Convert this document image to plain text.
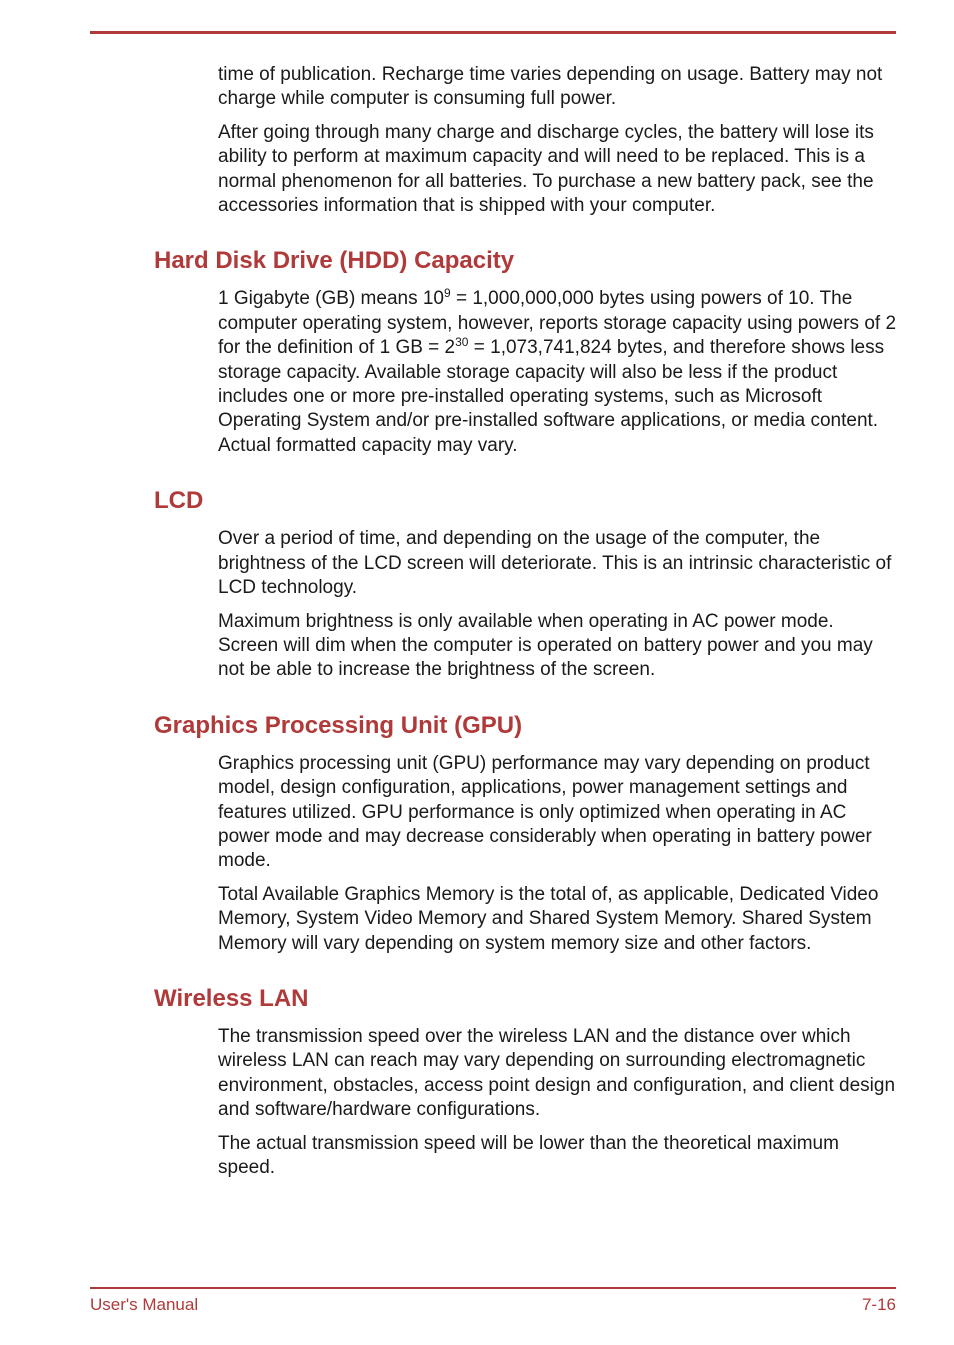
time of publication. Recharge time varies depending on usage. Battery may not charge while computer is consuming full power.

After going through many charge and discharge cycles, the battery will lose its ability to perform at maximum capacity and will need to be replaced. This is a normal phenomenon for all batteries. To purchase a new battery pack, see the accessories information that is shipped with your computer.

Hard Disk Drive (HDD) Capacity

1 Gigabyte (GB) means $10^9 = 1,000,000,000$ bytes using powers of 10. The computer operating system, however, reports storage capacity using powers of 2 for the definition of 1 GB = $2^{30} = 1,073,741,824$ bytes, and therefore shows less storage capacity. Available storage capacity will also be less if the product includes one or more pre-installed operating systems, such as Microsoft Operating System and/or pre-installed software applications, or media content. Actual formatted capacity may vary.

LCD

Over a period of time, and depending on the usage of the computer, the brightness of the LCD screen will deteriorate. This is an intrinsic characteristic of LCD technology.

Maximum brightness is only available when operating in AC power mode. Screen will dim when the computer is operated on battery power and you may not be able to increase the brightness of the screen.

Graphics Processing Unit (GPU)

Graphics processing unit (GPU) performance may vary depending on product model, design configuration, applications, power management settings and features utilized. GPU performance is only optimized when operating in AC power mode and may decrease considerably when operating in battery power mode.

Total Available Graphics Memory is the total of, as applicable, Dedicated Video Memory, System Video Memory and Shared System Memory. Shared System Memory will vary depending on system memory size and other factors.

Wireless LAN

The transmission speed over the wireless LAN and the distance over which wireless LAN can reach may vary depending on surrounding electromagnetic environment, obstacles, access point design and configuration, and client design and software/hardware configurations.

The actual transmission speed will be lower than the theoretical maximum speed.

User's Manual	7-16
